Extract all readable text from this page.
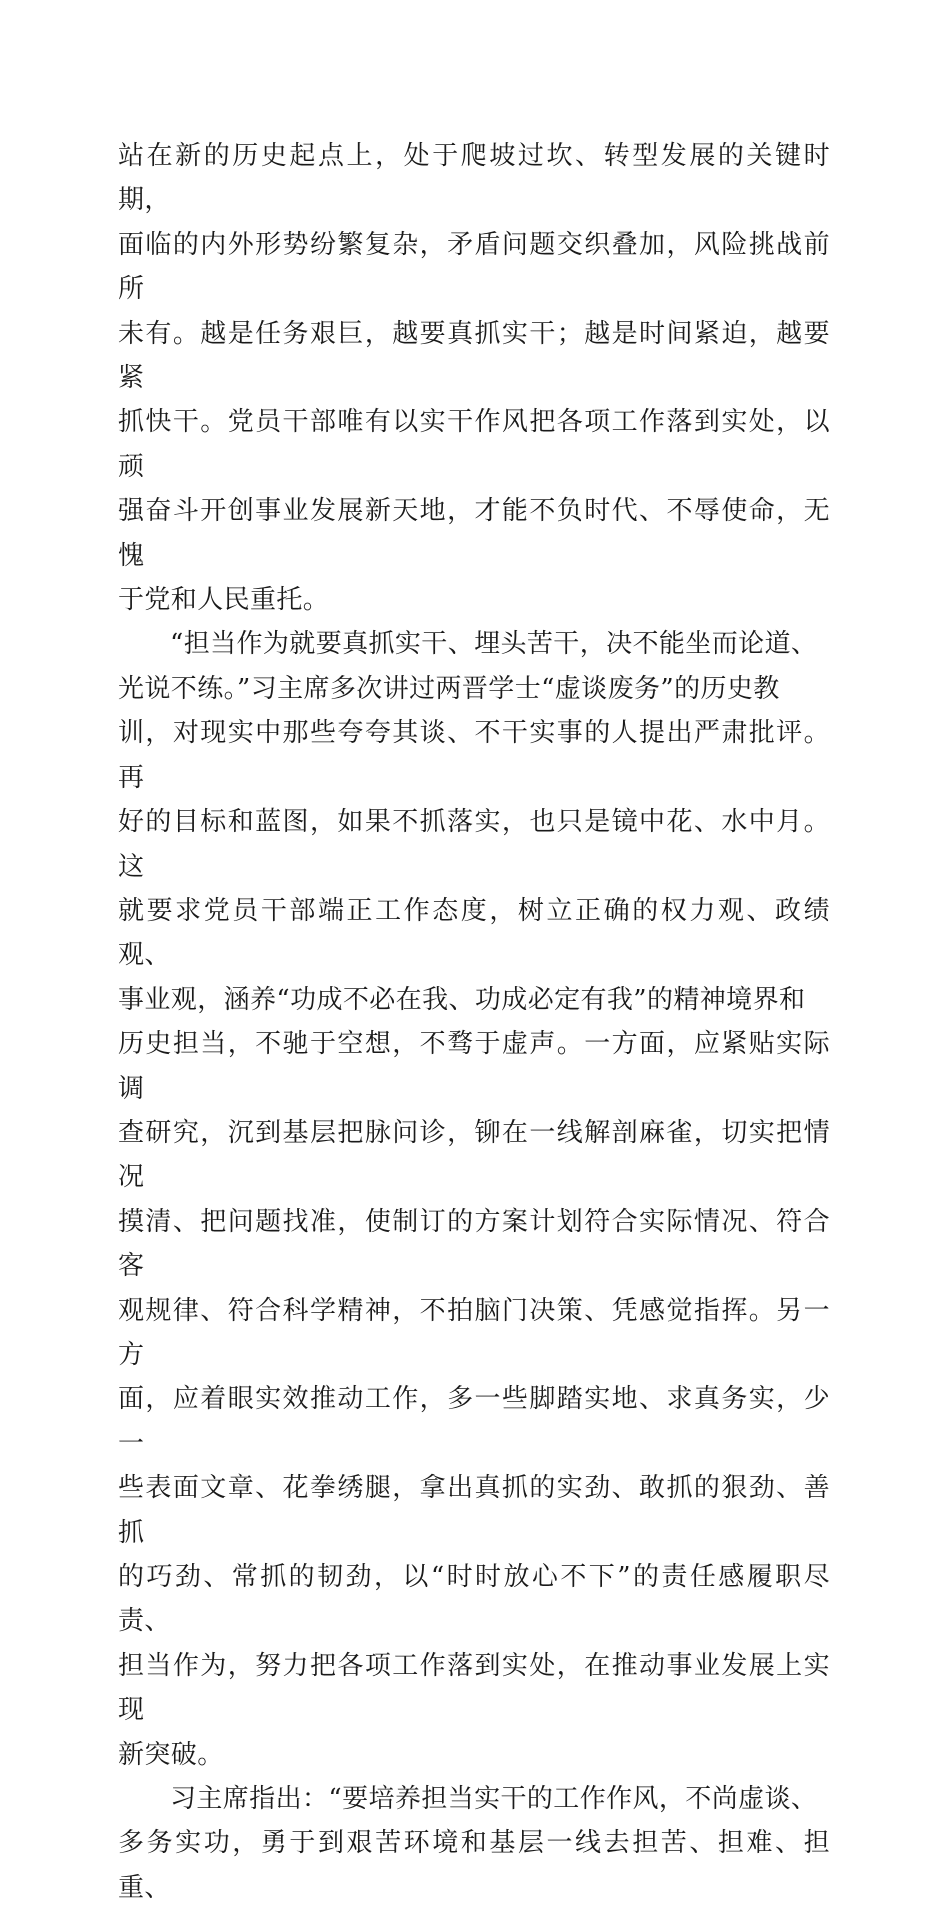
站在新的历史起点上，处于爬坡过坎、转型发展的关键时期，
面临的内外形势纷繁复杂，矛盾问题交织叠加，风险挑战前所
未有。越是任务艰巨，越要真抓实干；越是时间紧迫，越要紧
抓快干。党员干部唯有以实干作风把各项工作落到实处，以顽
强奋斗开创事业发展新天地，才能不负时代、不辱使命，无愧
于党和人民重托。
“担当作为就要真抓实干、埋头苦干，决不能坐而论道、
光说不练。”习主席多次讲过两晋学士“虚谈废务”的历史教
训，对现实中那些夸夸其谈、不干实事的人提出严肃批评。再
好的目标和蓝图，如果不抓落实，也只是镜中花、水中月。这
就要求党员干部端正工作态度，树立正确的权力观、政绩观、
事业观，涵养“功成不必在我、功成必定有我”的精神境界和
历史担当，不驰于空想，不骛于虚声。一方面，应紧贴实际调
查研究，沉到基层把脉问诊，铆在一线解剖麻雀，切实把情况
摸清、把问题找准，使制订的方案计划符合实际情况、符合客
观规律、符合科学精神，不拍脑门决策、凭感觉指挥。另一方
面，应着眼实效推动工作，多一些脚踏实地、求真务实，少一
些表面文章、花拳绣腿，拿出真抓的实劲、敢抓的狠劲、善抓
的巧劲、常抓的韧劲，以“时时放心不下”的责任感履职尽责、
担当作为，努力把各项工作落到实处，在推动事业发展上实现
新突破。
习主席指出：“要培养担当实干的工作作风，不尚虚谈、
多务实功，勇于到艰苦环境和基层一线去担苦、担难、担重、
